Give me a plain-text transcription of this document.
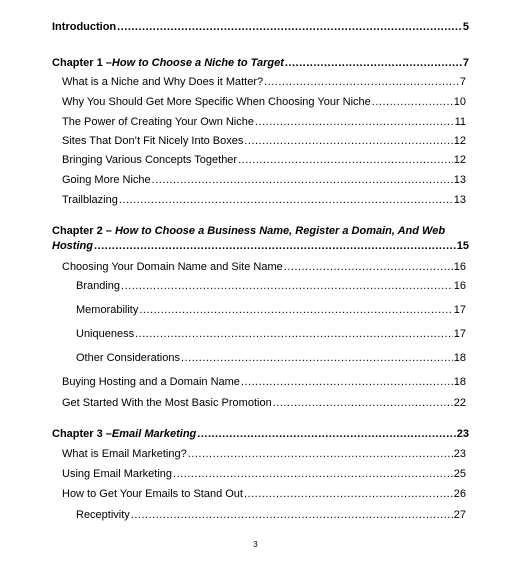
Introduction .....	5
Chapter 1 – How to Choose a Niche to Target .....	7
What is a Niche and Why Does it Matter? .....	7
Why You Should Get More Specific When Choosing Your Niche .....	10
The Power of Creating Your Own Niche .....	11
Sites That Don’t Fit Nicely Into Boxes .....	12
Bringing Various Concepts Together .....	12
Going More Niche .....	13
Trailblazing .....	13
Chapter 2 – How to Choose a Business Name, Register a Domain, And Web
Hosting .....	15
Choosing Your Domain Name and Site Name .....	16
Branding .....	16
Memorability .....	17
Uniqueness .....	17
Other Considerations .....	18
Buying Hosting and a Domain Name .....	18
Get Started With the Most Basic Promotion .....	22
Chapter 3 – Email Marketing .....	23
What is Email Marketing? .....	23
Using Email Marketing .....	25
How to Get Your Emails to Stand Out .....	26
Receptivity .....	27
3
